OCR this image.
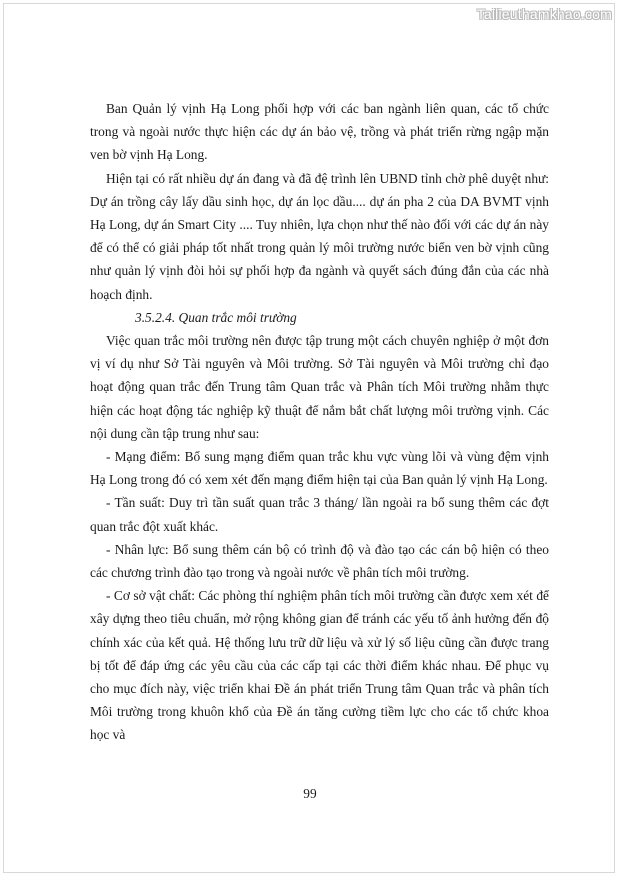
Tailieuthamkhao.com

Ban Quản lý vịnh Hạ Long phối hợp với các ban ngành liên quan, các tổ chức trong và ngoài nước thực hiện các dự án bảo vệ, trồng và phát triển rừng ngập mặn ven bờ vịnh Hạ Long.

Hiện tại có rất nhiều dự án đang và đã đệ trình lên UBND tỉnh chờ phê duyệt như: Dự án trồng cây lấy dầu sinh học, dự án lọc dầu.... dự án pha 2 của DA BVMT vịnh Hạ Long, dự án Smart City .... Tuy nhiên, lựa chọn như thế nào đối với các dự án này để có thể có giải pháp tốt nhất trong quản lý môi trường nước biển ven bờ vịnh cũng như quản lý vịnh đòi hỏi sự phối hợp đa ngành và quyết sách đúng đắn của các nhà hoạch định.

3.5.2.4. Quan trắc môi trường

Việc quan trắc môi trường nên được tập trung một cách chuyên nghiệp ở một đơn vị ví dụ như Sở Tài nguyên và Môi trường. Sở Tài nguyên và Môi trường chỉ đạo hoạt động quan trắc đến Trung tâm Quan trắc và Phân tích Môi trường nhằm thực hiện các hoạt động tác nghiệp kỹ thuật để nắm bắt chất lượng môi trường vịnh. Các nội dung cần tập trung như sau:

- Mạng điểm: Bổ sung mạng điểm quan trắc khu vực vùng lõi và vùng đệm vịnh Hạ Long trong đó có xem xét đến mạng điểm hiện tại của Ban quản lý vịnh Hạ Long.

- Tần suất: Duy trì tần suất quan trắc 3 tháng/ lần ngoài ra bổ sung thêm các đợt quan trắc đột xuất khác.

- Nhân lực: Bổ sung thêm cán bộ có trình độ và đào tạo các cán bộ hiện có theo các chương trình đào tạo trong và ngoài nước về phân tích môi trường.

- Cơ sở vật chất: Các phòng thí nghiệm phân tích môi trường cần được xem xét để xây dựng theo tiêu chuẩn, mở rộng không gian để tránh các yếu tố ảnh hưởng đến độ chính xác của kết quả. Hệ thống lưu trữ dữ liệu và xử lý số liệu cũng cần được trang bị tốt để đáp ứng các yêu cầu của các cấp tại các thời điểm khác nhau. Để phục vụ cho mục đích này, việc triển khai Đề án phát triển Trung tâm Quan trắc và phân tích Môi trường trong khuôn khổ của Đề án tăng cường tiềm lực cho các tổ chức khoa học và

99
